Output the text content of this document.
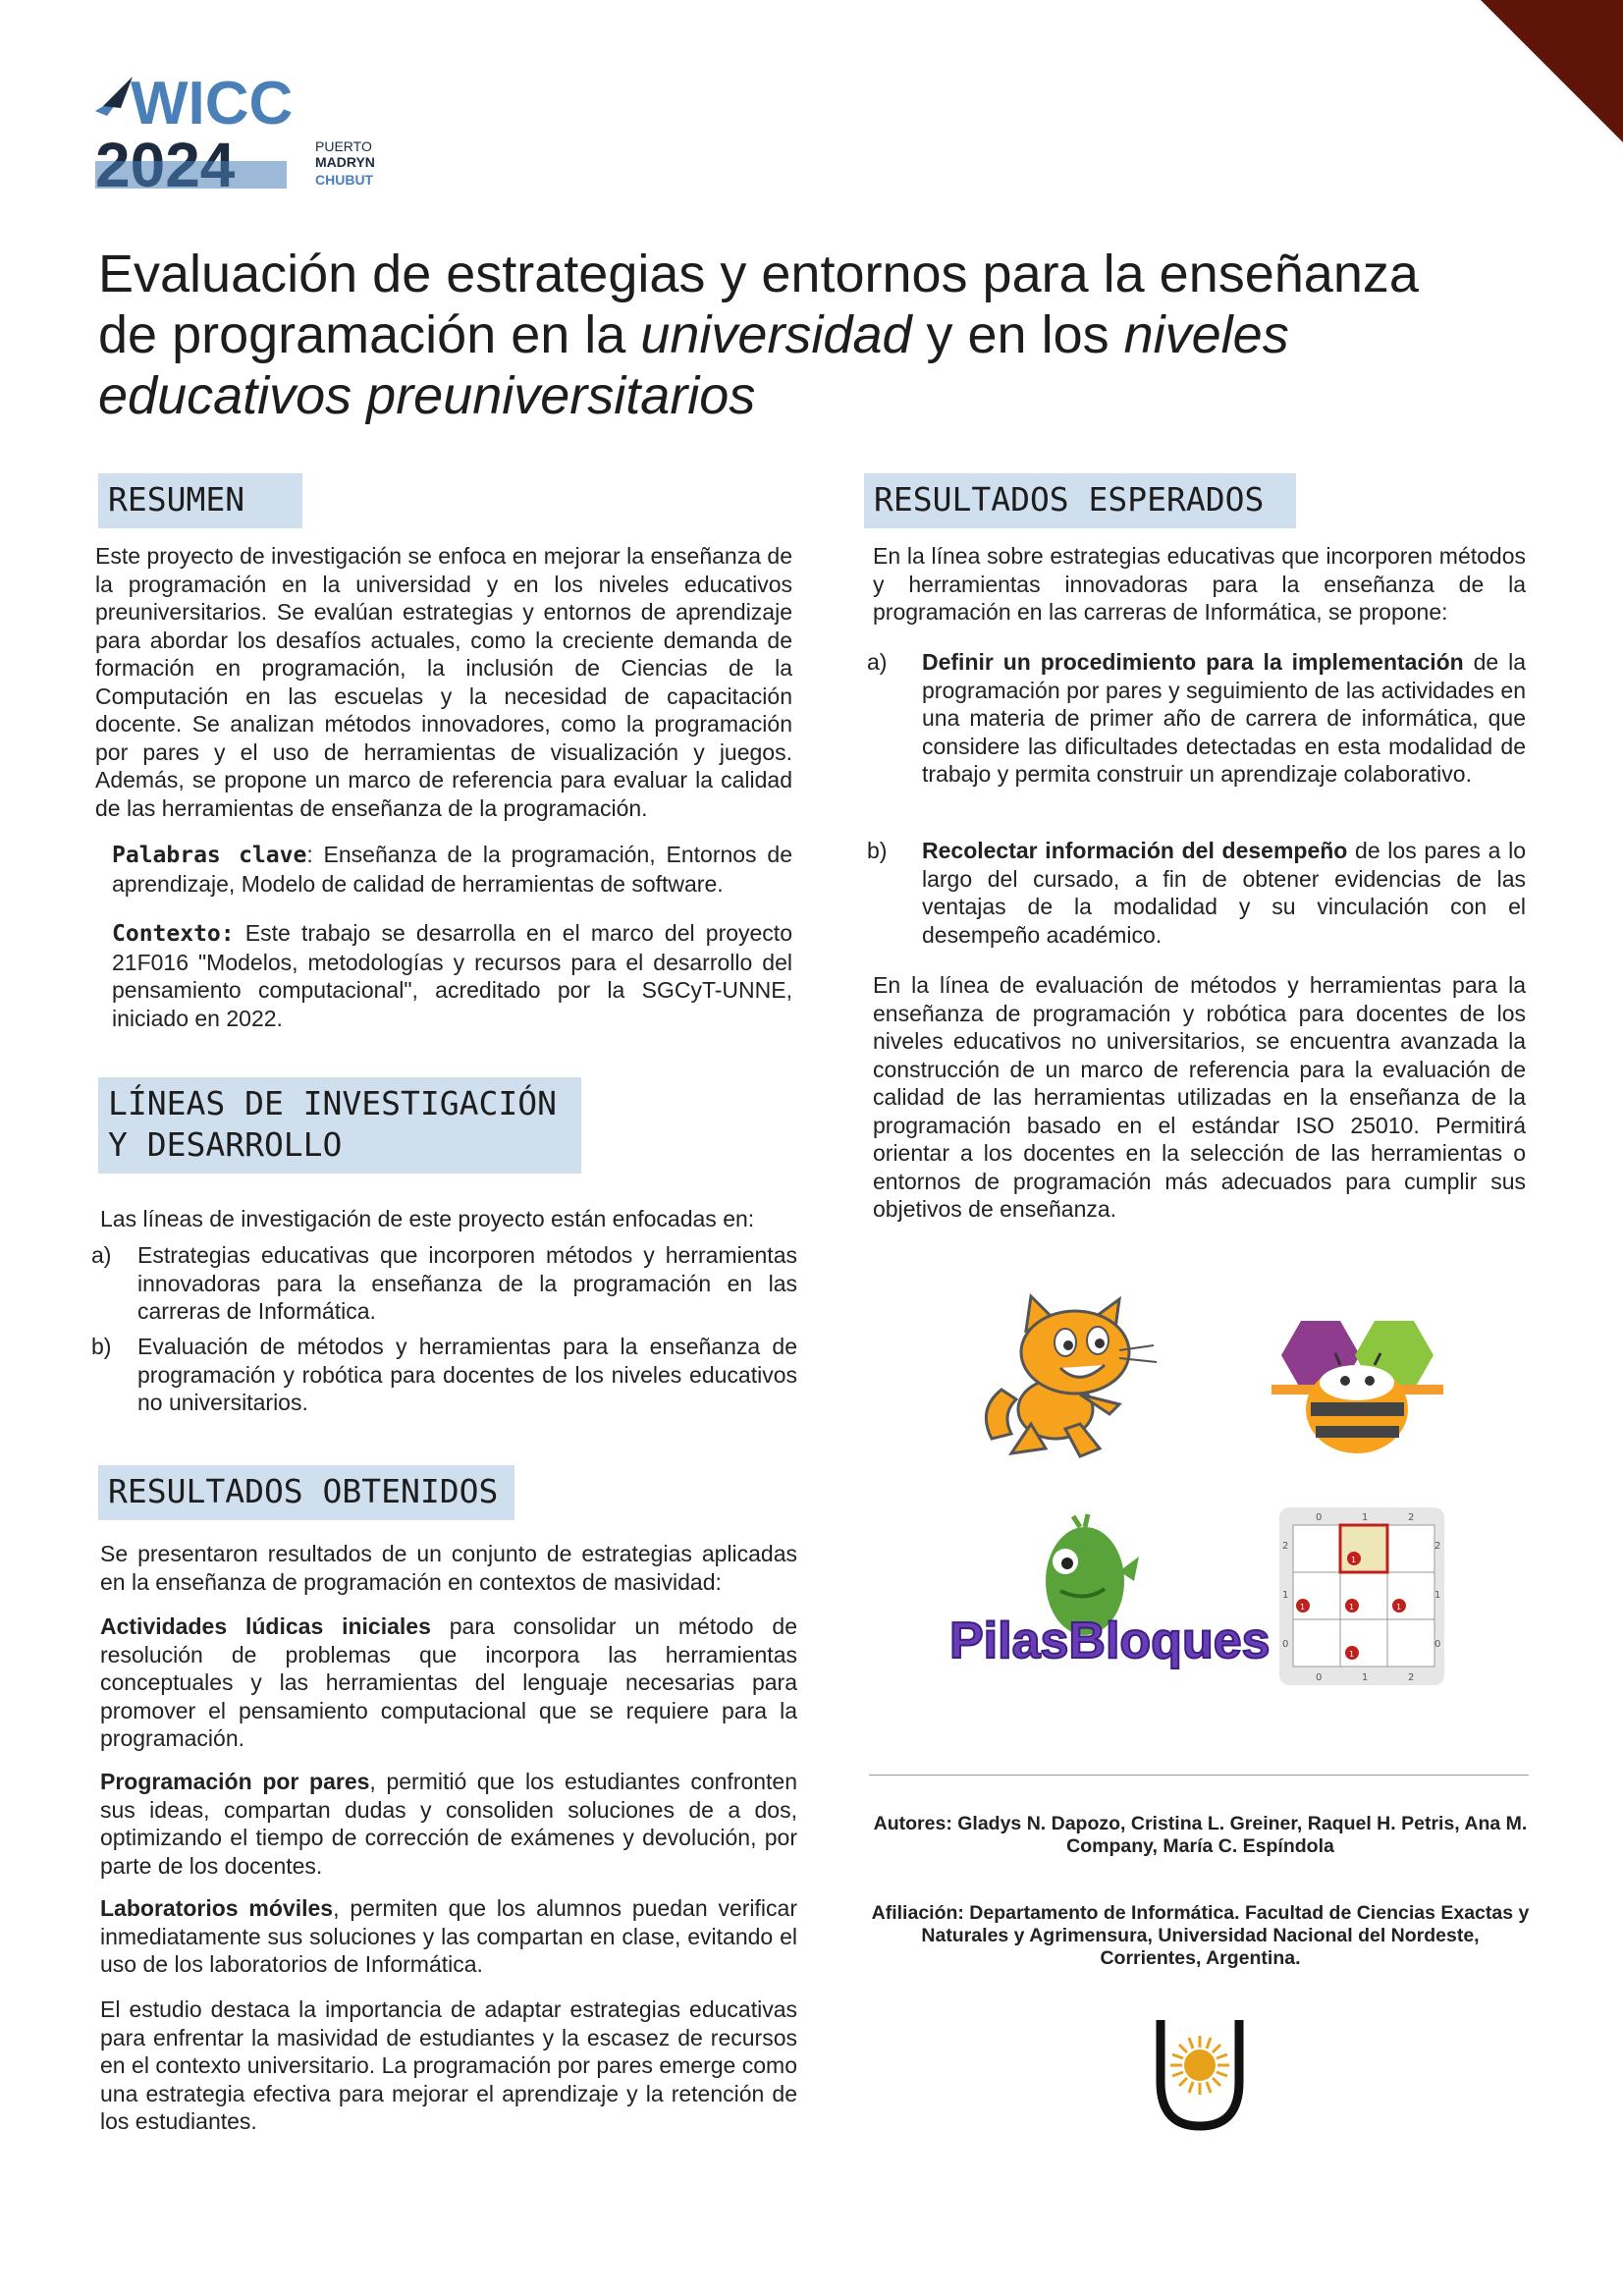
WICC
PUERTO
MADRYN
CHUBUT
Evaluación de estrategias y entornos para la enseñanza
de programación en la universidad y en los niveles
educativos preuniversitarios
RESUMEN
Este proyecto de investigación se enfoca en mejorar la enseñanza de la programación en la universidad y en los niveles educativos preuniversitarios. Se evalúan estrategias y entornos de aprendizaje para abordar los desafíos actuales, como la creciente demanda de formación en programación, la inclusión de Ciencias de la Computación en las escuelas y la necesidad de capacitación docente. Se analizan métodos innovadores, como la programación por pares y el uso de herramientas de visualización y juegos. Además, se propone un marco de referencia para evaluar la calidad de las herramientas de enseñanza de la programación.
Palabras clave: Enseñanza de la programación, Entornos de aprendizaje, Modelo de calidad de herramientas de software.
Contexto: Este trabajo se desarrolla en el marco del proyecto 21F016 "Modelos, metodologías y recursos para el desarrollo del pensamiento computacional", acreditado por la SGCyT-UNNE, iniciado en 2022.
LÍNEAS DE INVESTIGACIÓN
Y DESARROLLO
Las líneas de investigación de este proyecto están enfocadas en:
a) Estrategias educativas que incorporen métodos y herramientas innovadoras para la enseñanza de la programación en las carreras de Informática.
b) Evaluación de métodos y herramientas para la enseñanza de programación y robótica para docentes de los niveles educativos no universitarios.
RESULTADOS OBTENIDOS
Se presentaron resultados de un conjunto de estrategias aplicadas en la enseñanza de programación en contextos de masividad:
Actividades lúdicas iniciales para consolidar un método de resolución de problemas que incorpora las herramientas conceptuales y las herramientas del lenguaje necesarias para promover el pensamiento computacional que se requiere para la programación.
Programación por pares, permitió que los estudiantes confronten sus ideas, compartan dudas y consoliden soluciones de a dos, optimizando el tiempo de corrección de exámenes y devolución, por parte de los docentes.
Laboratorios móviles, permiten que los alumnos puedan verificar inmediatamente sus soluciones y las compartan en clase, evitando el uso de los laboratorios de Informática.
El estudio destaca la importancia de adaptar estrategias educativas para enfrentar la masividad de estudiantes y la escasez de recursos en el contexto universitario. La programación por pares emerge como una estrategia efectiva para mejorar el aprendizaje y la retención de los estudiantes.
RESULTADOS ESPERADOS
En la línea sobre estrategias educativas que incorporen métodos y herramientas innovadoras para la enseñanza de la programación en las carreras de Informática, se propone:
a) Definir un procedimiento para la implementación de la programación por pares y seguimiento de las actividades en una materia de primer año de carrera de informática, que considere las dificultades detectadas en esta modalidad de trabajo y permita construir un aprendizaje colaborativo.
b) Recolectar información del desempeño de los pares a lo largo del cursado, a fin de obtener evidencias de las ventajas de la modalidad y su vinculación con el desempeño académico.
En la línea de evaluación de métodos y herramientas para la enseñanza de programación y robótica para docentes de los niveles educativos no universitarios, se encuentra avanzada la construcción de un marco de referencia para la evaluación de calidad de las herramientas utilizadas en la enseñanza de la programación basado en el estándar ISO 25010. Permitirá orientar a los docentes en la selección de las herramientas o entornos de programación más adecuados para cumplir sus objetivos de enseñanza.
PilasBloques
0	1	2
0	1	2
2
1
0
2
1
0
1
1	1	1
1
Autores: Gladys N. Dapozo, Cristina L. Greiner, Raquel H. Petris, Ana M. Company, María C. Espíndola
Afiliación: Departamento de Informática. Facultad de Ciencias Exactas y Naturales y Agrimensura, Universidad Nacional del Nordeste, Corrientes, Argentina.
